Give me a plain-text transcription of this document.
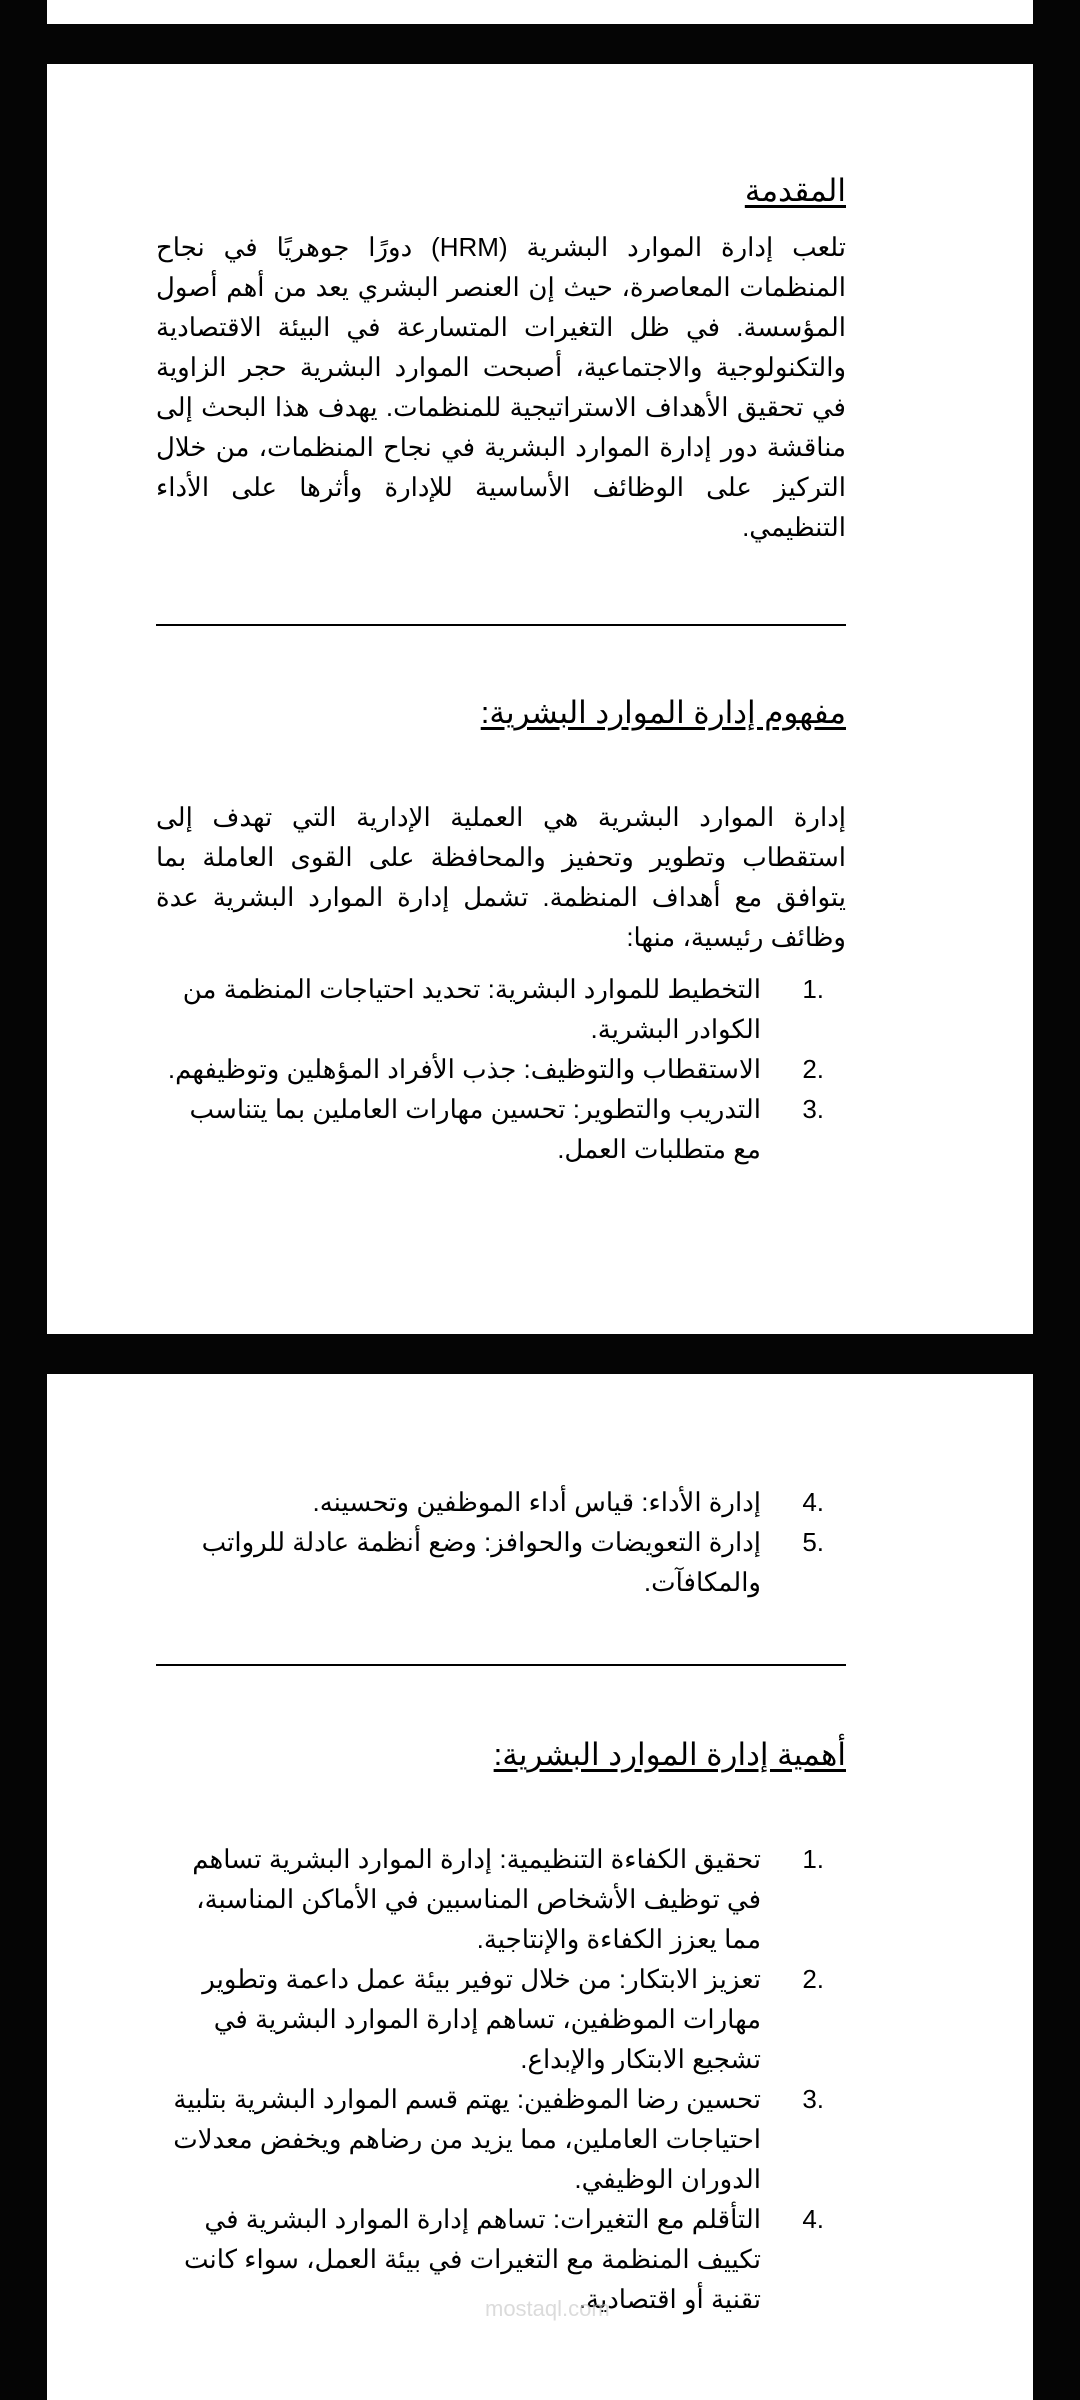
المقدمة

تلعب إدارة الموارد البشرية (HRM) دورًا جوهريًا في نجاح المنظمات المعاصرة، حيث إن العنصر البشري يعد من أهم أصول المؤسسة. في ظل التغيرات المتسارعة في البيئة الاقتصادية والتكنولوجية والاجتماعية، أصبحت الموارد البشرية حجر الزاوية في تحقيق الأهداف الاستراتيجية للمنظمات. يهدف هذا البحث إلى مناقشة دور إدارة الموارد البشرية في نجاح المنظمات، من خلال التركيز على الوظائف الأساسية للإدارة وأثرها على الأداء التنظيمي.

مفهوم إدارة الموارد البشرية:

إدارة الموارد البشرية هي العملية الإدارية التي تهدف إلى استقطاب وتطوير وتحفيز والمحافظة على القوى العاملة بما يتوافق مع أهداف المنظمة. تشمل إدارة الموارد البشرية عدة وظائف رئيسية، منها:

1.
التخطيط للموارد البشرية: تحديد احتياجات المنظمة من الكوادر البشرية.
2.
الاستقطاب والتوظيف: جذب الأفراد المؤهلين وتوظيفهم.
3.
التدريب والتطوير: تحسين مهارات العاملين بما يتناسب مع متطلبات العمل.
4.
إدارة الأداء: قياس أداء الموظفين وتحسينه.
5.
إدارة التعويضات والحوافز: وضع أنظمة عادلة للرواتب والمكافآت.
أهمية إدارة الموارد البشرية:
1.
تحقيق الكفاءة التنظيمية: إدارة الموارد البشرية تساهم في توظيف الأشخاص المناسبين في الأماكن المناسبة، مما يعزز الكفاءة والإنتاجية.
2.
تعزيز الابتكار: من خلال توفير بيئة عمل داعمة وتطوير مهارات الموظفين، تساهم إدارة الموارد البشرية في تشجيع الابتكار والإبداع.
3.
تحسين رضا الموظفين: يهتم قسم الموارد البشرية بتلبية احتياجات العاملين، مما يزيد من رضاهم ويخفض معدلات الدوران الوظيفي.
4.
التأقلم مع التغيرات: تساهم إدارة الموارد البشرية في تكييف المنظمة مع التغيرات في بيئة العمل، سواء كانت تقنية أو اقتصادية.
mostaql.com
